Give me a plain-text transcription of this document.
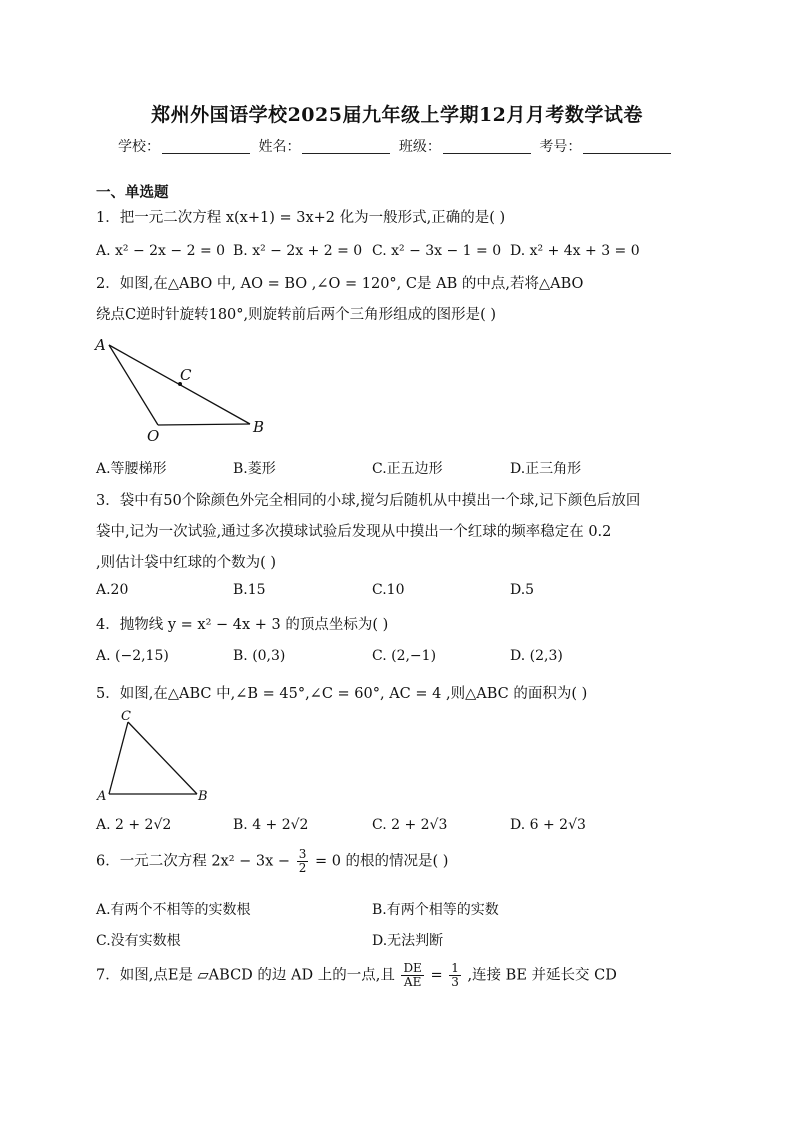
郑州外国语学校2025届九年级上学期12月月考数学试卷
学校：	姓名：	班级：	考号：
一、单选题
1．把一元二次方程 x(x+1) = 3x+2 化为一般形式,正确的是( )
A. x² − 2x − 2 = 0 B. x² − 2x + 2 = 0 C. x² − 3x − 1 = 0 D. x² + 4x + 3 = 0
2．如图,在△ABO 中, AO = BO ,∠O = 120°, C是 AB 的中点,若将△ABO
绕点C逆时针旋转180°,则旋转前后两个三角形组成的图形是( )
A
C
O	B
A.等腰梯形	B.菱形	C.正五边形	D.正三角形
3．袋中有50个除颜色外完全相同的小球,搅匀后随机从中摸出一个球,记下颜色后放回
袋中,记为一次试验,通过多次摸球试验后发现从中摸出一个红球的频率稳定在 0.2
,则估计袋中红球的个数为( )
A.20	B.15	C.10	D.5
4．抛物线 y = x² − 4x + 3 的顶点坐标为( )
A. (−2,15)	B. (0,3)	C. (2,−1)	D. (2,3)
5．如图,在△ABC 中,∠B = 45°,∠C = 60°, AC = 4 ,则△ABC 的面积为( )
C
A	B
A. 2 + 2√2	B. 4 + 2√2	C. 2 + 2√3	D. 6 + 2√3
6．一元二次方程 $2x^2 - 3x - \frac{3}{2} = 0$ 的根的情况是( )
A.有两个不相等的实数根	B.有两个相等的实数
C.没有实数根	D.无法判断
7．如图,点E是 ▱ABCD 的边 AD 上的一点,且 $\frac{DE}{AE} = \frac{1}{3}$ ,连接 BE 并延长交 CD
